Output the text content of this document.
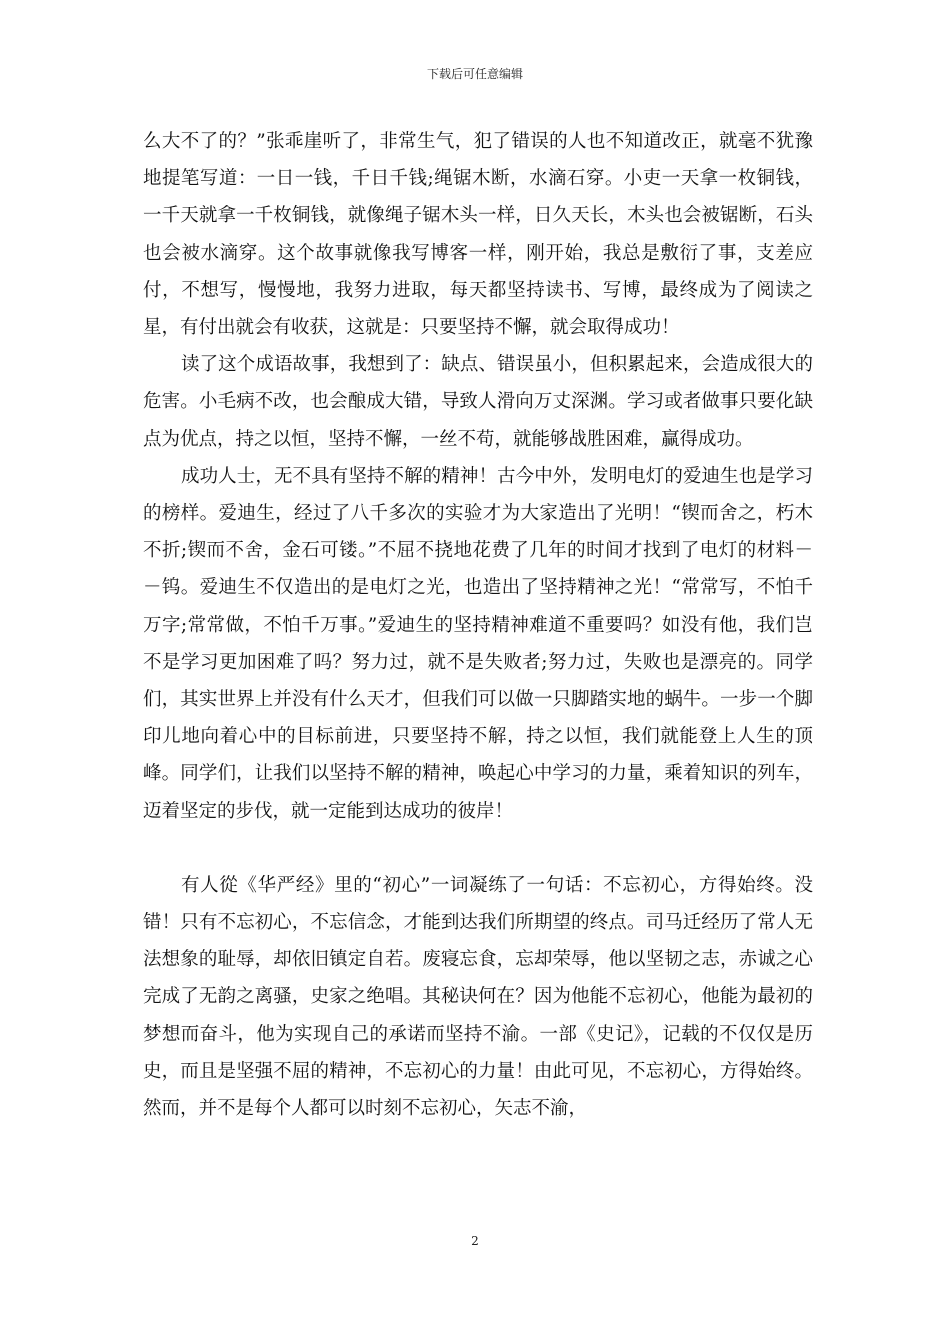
下载后可任意编辑

么大不了的？”张乖崖听了，非常生气，犯了错误的人也不知道改正，就毫不犹豫地提笔写道：一日一钱，千日千钱;绳锯木断，水滴石穿。小吏一天拿一枚铜钱，一千天就拿一千枚铜钱，就像绳子锯木头一样，日久天长，木头也会被锯断，石头也会被水滴穿。这个故事就像我写博客一样，刚开始，我总是敷衍了事，支差应付，不想写，慢慢地，我努力进取，每天都坚持读书、写博，最终成为了阅读之星，有付出就会有收获，这就是：只要坚持不懈，就会取得成功！

读了这个成语故事，我想到了：缺点、错误虽小，但积累起来，会造成很大的危害。小毛病不改，也会酿成大错，导致人滑向万丈深渊。学习或者做事只要化缺点为优点，持之以恒，坚持不懈，一丝不苟，就能够战胜困难，赢得成功。

成功人士，无不具有坚持不解的精神！古今中外，发明电灯的爱迪生也是学习的榜样。爱迪生，经过了八千多次的实验才为大家造出了光明！“锲而舍之，朽木不折;锲而不舍，金石可镂。”不屈不挠地花费了几年的时间才找到了电灯的材料－－钨。爱迪生不仅造出的是电灯之光，也造出了坚持精神之光！“常常写，不怕千万字;常常做，不怕千万事。”爱迪生的坚持精神难道不重要吗？如没有他，我们岂不是学习更加困难了吗？努力过，就不是失败者;努力过，失败也是漂亮的。同学们，其实世界上并没有什么天才，但我们可以做一只脚踏实地的蜗牛。一步一个脚印儿地向着心中的目标前进，只要坚持不解，持之以恒，我们就能登上人生的顶峰。同学们，让我们以坚持不解的精神，唤起心中学习的力量，乘着知识的列车，迈着坚定的步伐，就一定能到达成功的彼岸！

有人從《华严经》里的“初心”一词凝练了一句话：不忘初心，方得始终。没错！只有不忘初心，不忘信念，才能到达我们所期望的终点。司马迁经历了常人无法想象的耻辱，却依旧镇定自若。废寝忘食，忘却荣辱，他以坚韧之志，赤诚之心完成了无韵之离骚，史家之绝唱。其秘诀何在？因为他能不忘初心，他能为最初的梦想而奋斗，他为实现自己的承诺而坚持不渝。一部《史记》，记载的不仅仅是历史，而且是坚强不屈的精神，不忘初心的力量！由此可见，不忘初心，方得始终。然而，并不是每个人都可以时刻不忘初心，矢志不渝，

2
